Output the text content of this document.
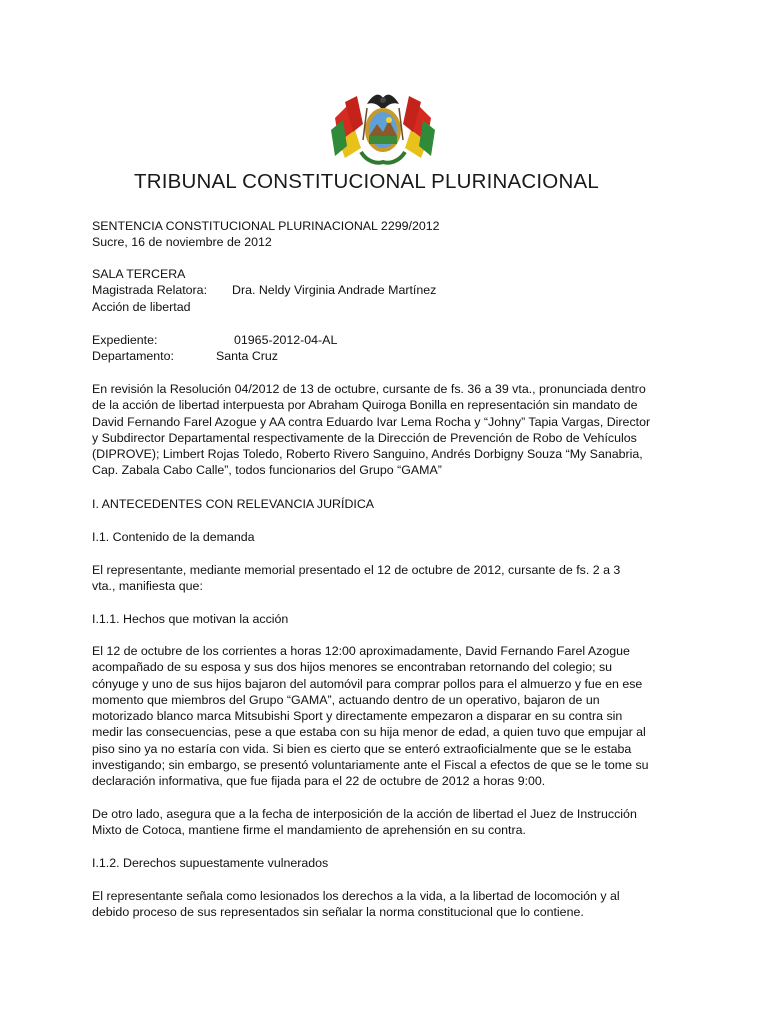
TRIBUNAL CONSTITUCIONAL PLURINACIONAL
SENTENCIA CONSTITUCIONAL PLURINACIONAL 2299/2012
Sucre, 16 de noviembre de 2012
SALA TERCERA
Magistrada Relatora: Dra. Neldy Virginia Andrade Martínez
Acción de libertad
Expediente:	01965-2012-04-AL
Departamento:	Santa Cruz

En revisión la Resolución 04/2012 de 13 de octubre, cursante de fs. 36 a 39 vta., pronunciada dentro
de la acción de libertad interpuesta por Abraham Quiroga Bonilla en representación sin mandato de
David Fernando Farel Azogue y AA contra Eduardo Ivar Lema Rocha y “Johny” Tapia Vargas, Director
y Subdirector Departamental respectivamente de la Dirección de Prevención de Robo de Vehículos
(DIPROVE); Limbert Rojas Toledo, Roberto Rivero Sanguino, Andrés Dorbigny Souza “My Sanabria,
Cap. Zabala Cabo Calle”, todos funcionarios del Grupo “GAMA”

I. ANTECEDENTES CON RELEVANCIA JURÍDICA
I.1. Contenido de la demanda

El representante, mediante memorial presentado el 12 de octubre de 2012, cursante de fs. 2 a 3
vta., manifiesta que:

I.1.1. Hechos que motivan la acción

El 12 de octubre de los corrientes a horas 12:00 aproximadamente, David Fernando Farel Azogue
acompañado de su esposa y sus dos hijos menores se encontraban retornando del colegio; su
cónyuge y uno de sus hijos bajaron del automóvil para comprar pollos para el almuerzo y fue en ese
momento que miembros del Grupo “GAMA”, actuando dentro de un operativo, bajaron de un
motorizado blanco marca Mitsubishi Sport y directamente empezaron a disparar en su contra sin
medir las consecuencias, pese a que estaba con su hija menor de edad, a quien tuvo que empujar al
piso sino ya no estaría con vida. Si bien es cierto que se enteró extraoficialmente que se le estaba
investigando; sin embargo, se presentó voluntariamente ante el Fiscal a efectos de que se le tome su
declaración informativa, que fue fijada para el 22 de octubre de 2012 a horas 9:00.

De otro lado, asegura que a la fecha de interposición de la acción de libertad el Juez de Instrucción
Mixto de Cotoca, mantiene firme el mandamiento de aprehensión en su contra.

I.1.2. Derechos supuestamente vulnerados

El representante señala como lesionados los derechos a la vida, a la libertad de locomoción y al
debido proceso de sus representados sin señalar la norma constitucional que lo contiene.
